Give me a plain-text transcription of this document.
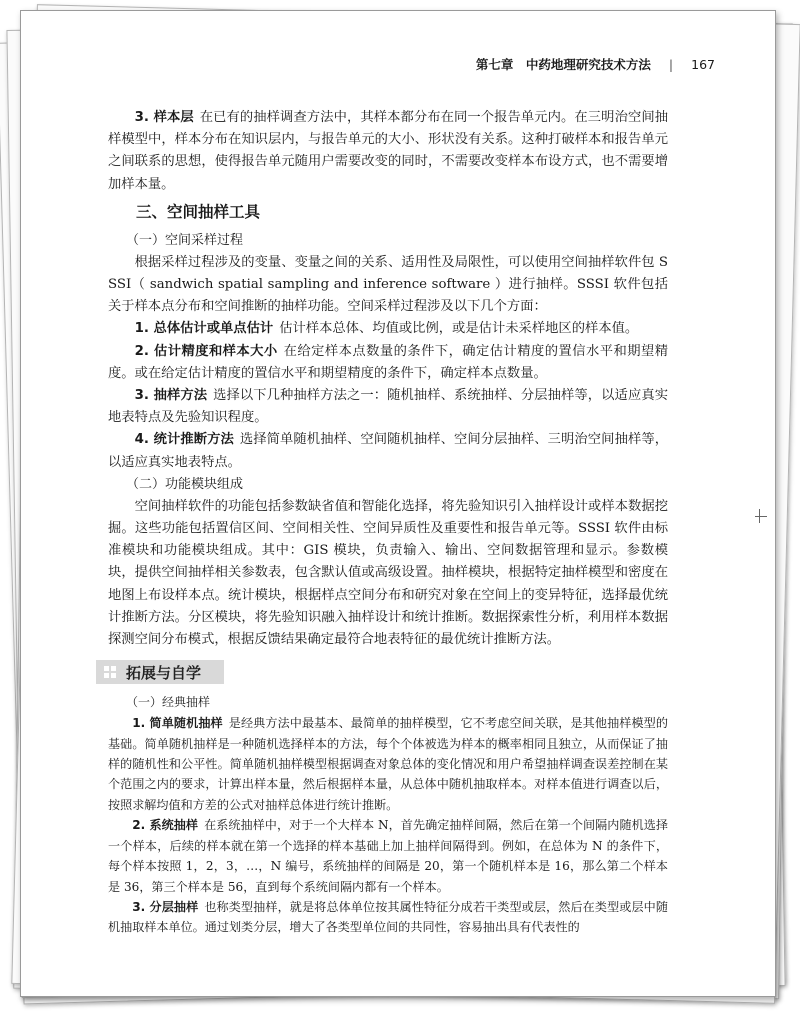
第七章　中药地理研究技术方法 | 167

3. 样本层 在已有的抽样调查方法中，其样本都分布在同一个报告单元内。在三明治空间抽样模型中，样本分布在知识层内，与报告单元的大小、形状没有关系。这种打破样本和报告单元之间联系的思想，使得报告单元随用户需要改变的同时，不需要改变样本布设方式，也不需要增加样本量。

三、空间抽样工具
（一）空间采样过程

根据采样过程涉及的变量、变量之间的关系、适用性及局限性，可以使用空间抽样软件包 SSSI（ sandwich spatial sampling and inference software ）进行抽样。SSSI 软件包括关于样本点分布和空间推断的抽样功能。空间采样过程涉及以下几个方面：

1. 总体估计或单点估计 估计样本总体、均值或比例，或是估计未采样地区的样本值。

2. 估计精度和样本大小 在给定样本点数量的条件下，确定估计精度的置信水平和期望精度。或在给定估计精度的置信水平和期望精度的条件下，确定样本点数量。

3. 抽样方法 选择以下几种抽样方法之一：随机抽样、系统抽样、分层抽样等，以适应真实地表特点及先验知识程度。

4. 统计推断方法 选择简单随机抽样、空间随机抽样、空间分层抽样、三明治空间抽样等，以适应真实地表特点。

（二）功能模块组成

空间抽样软件的功能包括参数缺省值和智能化选择，将先验知识引入抽样设计或样本数据挖掘。这些功能包括置信区间、空间相关性、空间异质性及重要性和报告单元等。SSSI 软件由标准模块和功能模块组成。其中：GIS 模块，负责输入、输出、空间数据管理和显示。参数模块，提供空间抽样相关参数表，包含默认值或高级设置。抽样模块，根据特定抽样模型和密度在地图上布设样本点。统计模块，根据样点空间分布和研究对象在空间上的变异特征，选择最优统计推断方法。分区模块，将先验知识融入抽样设计和统计推断。数据探索性分析，利用样本数据探测空间分布模式，根据反馈结果确定最符合地表特征的最优统计推断方法。

拓展与自学
（一）经典抽样

1. 简单随机抽样 是经典方法中最基本、最简单的抽样模型，它不考虑空间关联，是其他抽样模型的基础。简单随机抽样是一种随机选择样本的方法，每个个体被选为样本的概率相同且独立，从而保证了抽样的随机性和公平性。简单随机抽样模型根据调查对象总体的变化情况和用户希望抽样调查误差控制在某个范围之内的要求，计算出样本量，然后根据样本量，从总体中随机抽取样本。对样本值进行调查以后，按照求解均值和方差的公式对抽样总体进行统计推断。

2. 系统抽样 在系统抽样中，对于一个大样本 N，首先确定抽样间隔，然后在第一个间隔内随机选择一个样本，后续的样本就在第一个选择的样本基础上加上抽样间隔得到。例如，在总体为 N 的条件下，每个样本按照 1，2，3，…，N 编号，系统抽样的间隔是 20，第一个随机样本是 16，那么第二个样本是 36，第三个样本是 56，直到每个系统间隔内都有一个样本。

3. 分层抽样 也称类型抽样，就是将总体单位按其属性特征分成若干类型或层，然后在类型或层中随机抽取样本单位。通过划类分层，增大了各类型单位间的共同性，容易抽出具有代表性的
